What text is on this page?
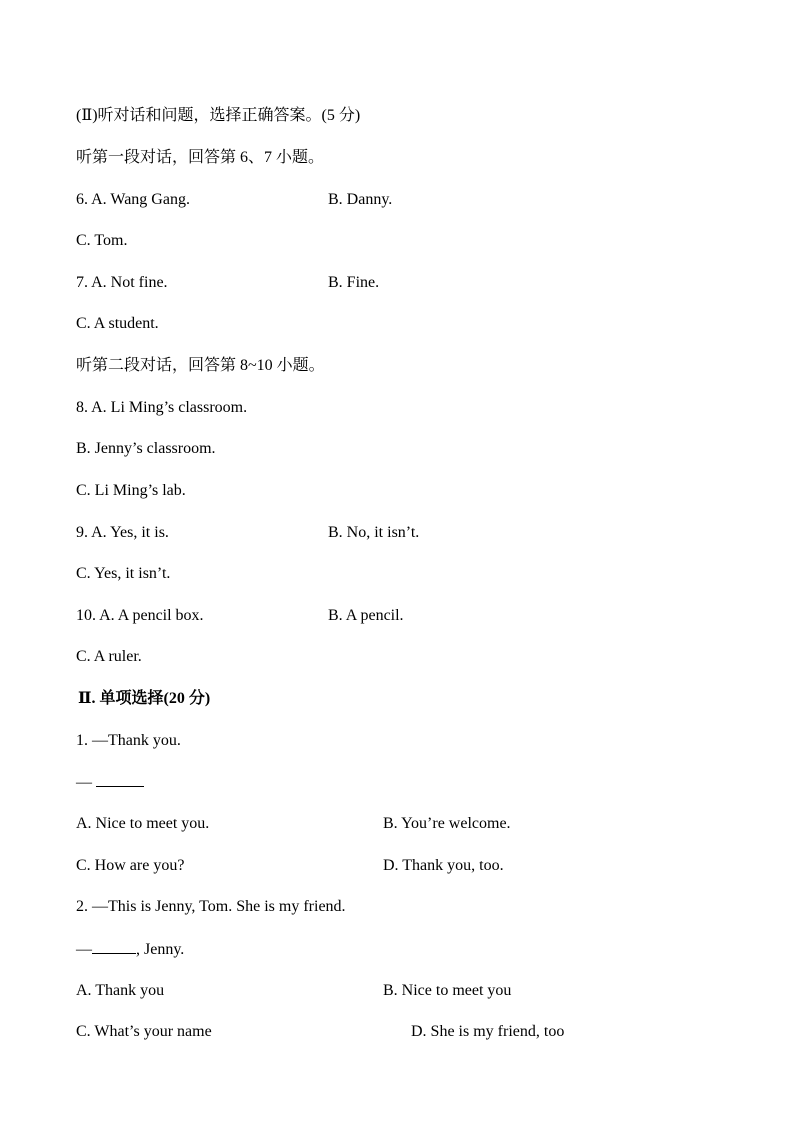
(Ⅱ)听对话和问题，选择正确答案。(5 分)
听第一段对话，回答第 6、7 小题。
6. A. Wang Gang.	B. Danny.
C. Tom.
7. A. Not fine.	B. Fine.
C. A student.
听第二段对话，回答第 8~10 小题。
8. A. Li Ming’s classroom.
B. Jenny’s classroom.
C. Li Ming’s lab.
9. A. Yes, it is.	B. No, it isn’t.
C. Yes, it isn’t.
10. A. A pencil box.	B. A pencil.
C. A ruler.
Ⅱ. 单项选择(20 分)
1. —Thank you.
—
A. Nice to meet you.	B. You’re welcome.
C. How are you?	D. Thank you, too.
2. —This is Jenny, Tom. She is my friend.
—	, Jenny.
A. Thank you	B. Nice to meet you
C. What’s your name	D. She is my friend, too
